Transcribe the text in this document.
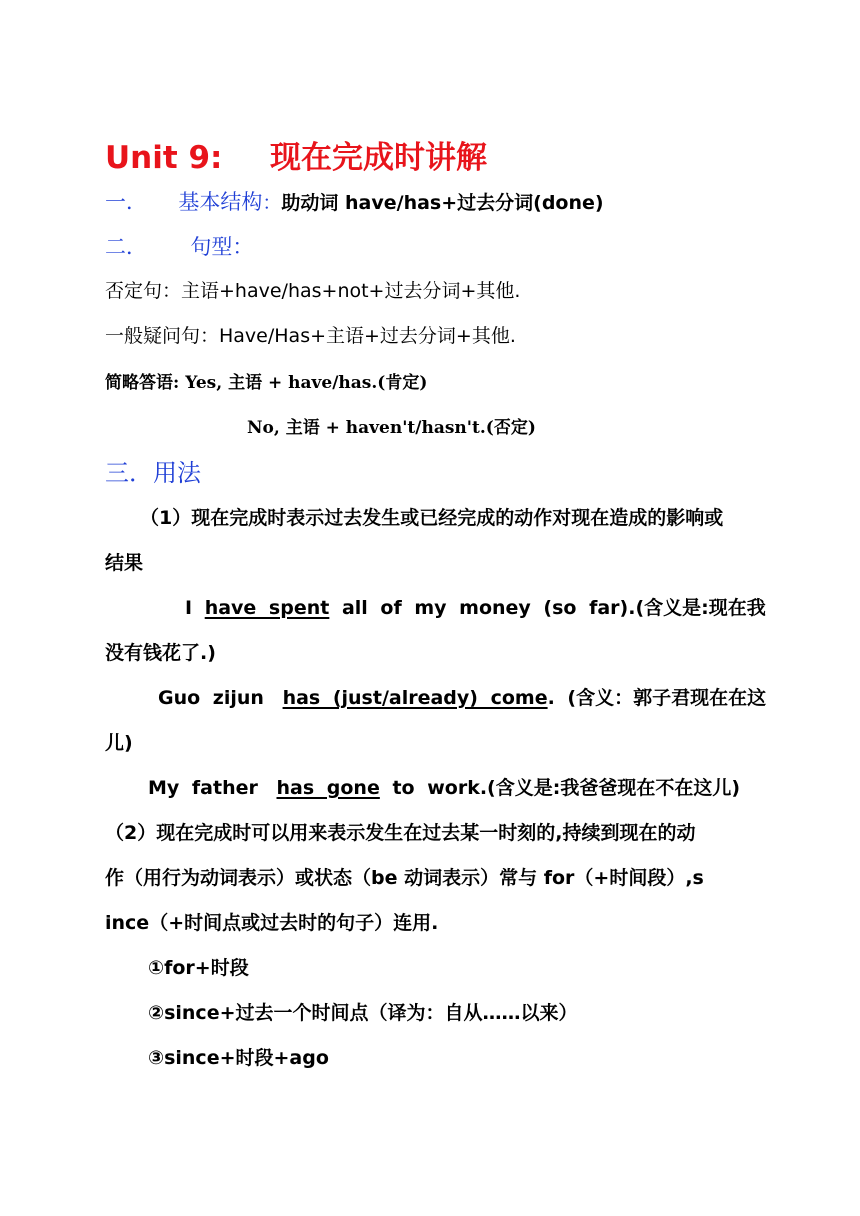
Unit 9: 现在完成时讲解
一． 基本结构：助动词 have/has+过去分词(done)
二． 句型：
否定句：主语+have/has+not+过去分词+其他.
一般疑问句：Have/Has+主语+过去分词+其他.
简略答语: Yes, 主语 + have/has.(肯定)
No, 主语 + haven't/hasn't.(否定)
三．用法
（1）现在完成时表示过去发生或已经完成的动作对现在造成的影响或
结果
I have spent all of my money (so far).(含义是:现在我
没有钱花了.)
Guo zijun has (just/already) come. (含义：郭子君现在在这
儿)
My father has gone to work.(含义是:我爸爸现在不在这儿)
（2）现在完成时可以用来表示发生在过去某一时刻的,持续到现在的动
作（用行为动词表示）或状态（be 动词表示）常与 for（+时间段）,s
ince（+时间点或过去时的句子）连用.
①for+时段
②since+过去一个时间点（译为：自从……以来）
③since+时段+ago
